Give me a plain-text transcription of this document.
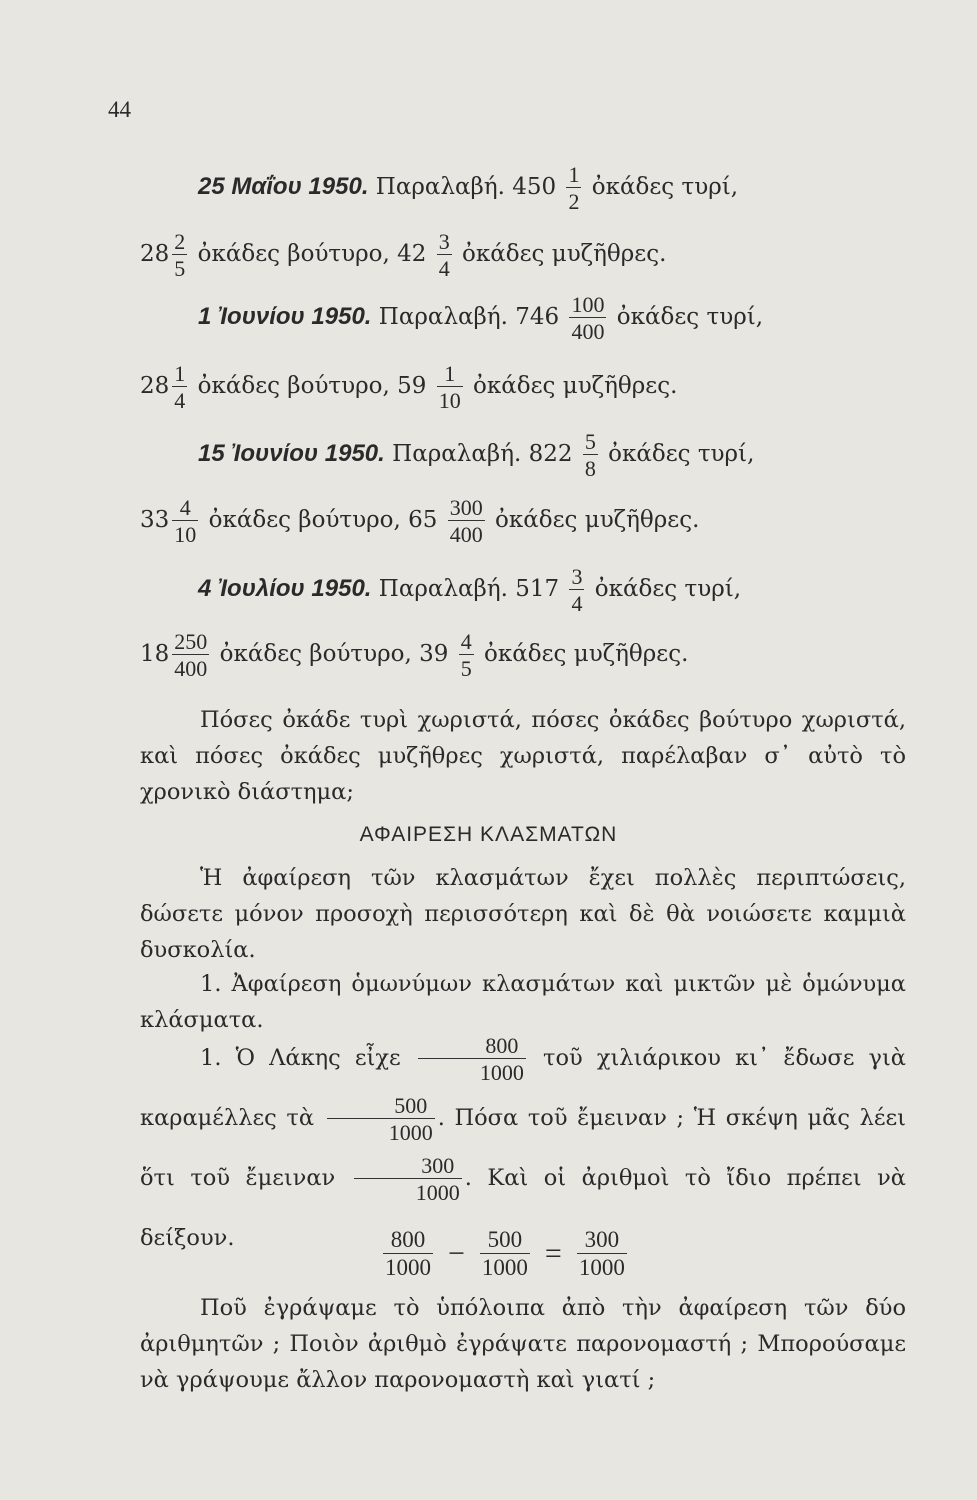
44
25 Μαΐου 1950. Παραλαβή. $450 \frac{1}{2}$ ὀκάδες τυρί,
$28 \frac{2}{5}$ ὀκάδες βούτυρο, $42 \frac{3}{4}$ ὀκάδες μυζῆθρες.
1 Ἰουνίου 1950. Παραλαβή. $746 \frac{100}{400}$ ὀκάδες τυρί,
$28 \frac{1}{4}$ ὀκάδες βούτυρο, $59 \frac{1}{10}$ ὀκάδες μυζῆθρες.
15 Ἰουνίου 1950. Παραλαβή. $822 \frac{5}{8}$ ὀκάδες τυρί,
$33 \frac{4}{10}$ ὀκάδες βούτυρο, $65 \frac{300}{400}$ ὀκάδες μυζῆθρες.
4 Ἰουλίου 1950. Παραλαβή. $517 \frac{3}{4}$ ὀκάδες τυρί,
$18 \frac{250}{400}$ ὀκάδες βούτυρο, $39 \frac{4}{5}$ ὀκάδες μυζῆθρες.
Πόσες ὀκάδε τυρὶ χωριστά, πόσες ὀκάδες βούτυρο χωριστά, καὶ πόσες ὀκάδες μυζῆθρες χωριστά, παρέλαβαν σ᾽ αὐτὸ τὸ χρονικὸ διάστημα;
ΑΦΑΙΡΕΣΗ ΚΛΑΣΜΑΤΩΝ
Ἡ ἀφαίρεση τῶν κλασμάτων ἔχει πολλὲς περιπτώσεις, δώσετε μόνον προσοχὴ περισσότερη καὶ δὲ θὰ νοιώσετε καμμιὰ δυσκολία.
1. Ἀφαίρεση ὁμωνύμων κλασμάτων καὶ μικτῶν μὲ ὁμώνυμα κλάσματα.
1. Ὁ Λάκης εἶχε $\frac{800}{1000}$ τοῦ χιλιάρικου κι᾽ ἔδωσε γιὰ καραμέλλες τὰ $\frac{500}{1000}$ . Πόσα τοῦ ἔμειναν ; Ἡ σκέψη μᾶς λέει ὅτι τοῦ ἔμειναν $\frac{300}{1000}$ . Καὶ οἱ ἀριθμοὶ τὸ ἴδιο πρέπει νὰ δείξουν.	$\frac{800}{1000} - \frac{500}{1000} = \frac{300}{1000}$
Ποῦ ἐγράψαμε τὸ ὑπόλοιπα ἀπὸ τὴν ἀφαίρεση τῶν δύο ἀριθμητῶν ; Ποιὸν ἀριθμὸ ἐγράψατε παρονομαστή ; Μπορούσαμε νὰ γράψουμε ἄλλον παρονομαστὴ καὶ γιατί ;
